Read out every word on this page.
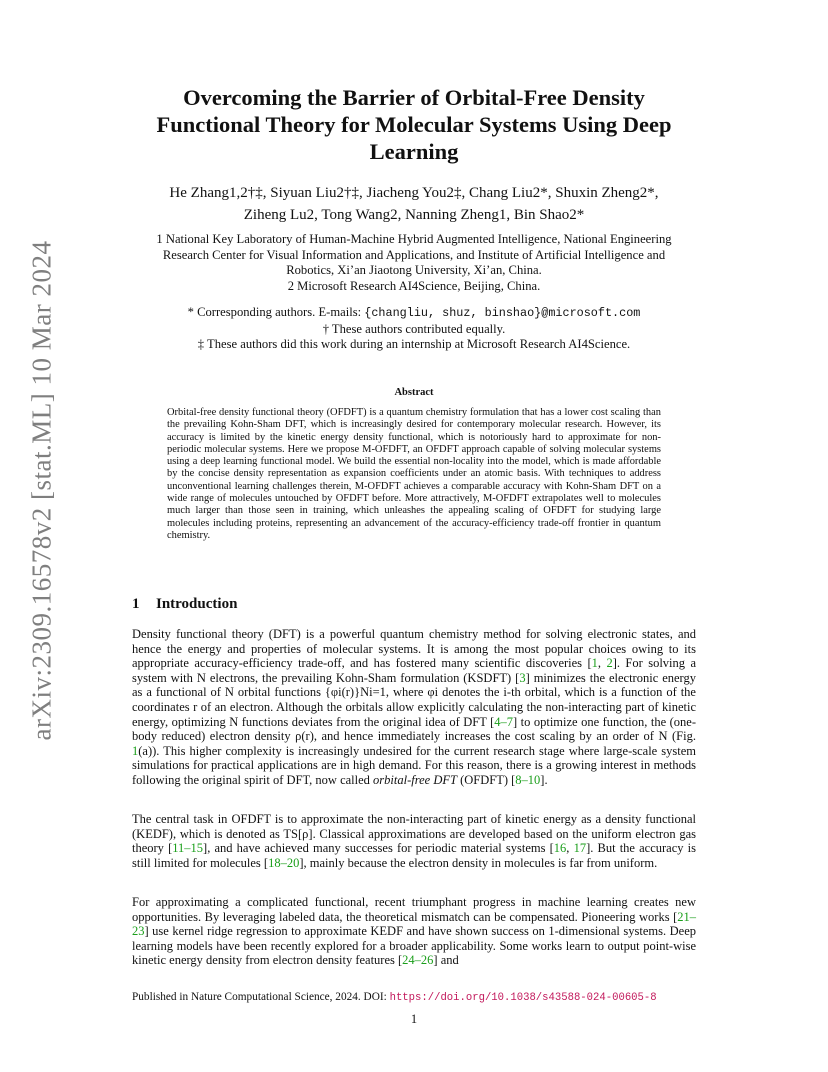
arXiv:2309.16578v2 [stat.ML] 10 Mar 2024
Overcoming the Barrier of Orbital-Free Density Functional Theory for Molecular Systems Using Deep Learning
He Zhang1,2†‡, Siyuan Liu2†‡, Jiacheng You2‡, Chang Liu2*, Shuxin Zheng2*,
Ziheng Lu2, Tong Wang2, Nanning Zheng1, Bin Shao2*
1 National Key Laboratory of Human-Machine Hybrid Augmented Intelligence, National Engineering
Research Center for Visual Information and Applications, and Institute of Artificial Intelligence and
Robotics, Xi’an Jiaotong University, Xi’an, China.
2 Microsoft Research AI4Science, Beijing, China.
* Corresponding authors. E-mails: {changliu, shuz, binshao}@microsoft.com
† These authors contributed equally.
‡ These authors did this work during an internship at Microsoft Research AI4Science.
Abstract
Orbital-free density functional theory (OFDFT) is a quantum chemistry formulation that has a lower cost scaling than the prevailing Kohn-Sham DFT, which is increasingly desired for contemporary molecular research. However, its accuracy is limited by the kinetic energy density functional, which is notoriously hard to approximate for non-periodic molecular systems. Here we propose M-OFDFT, an OFDFT approach capable of solving molecular systems using a deep learning functional model. We build the essential non-locality into the model, which is made affordable by the concise density representation as expansion coefficients under an atomic basis. With techniques to address unconventional learning challenges therein, M-OFDFT achieves a comparable accuracy with Kohn-Sham DFT on a wide range of molecules untouched by OFDFT before. More attractively, M-OFDFT extrapolates well to molecules much larger than those seen in training, which unleashes the appealing scaling of OFDFT for studying large molecules including proteins, representing an advancement of the accuracy-efficiency trade-off frontier in quantum chemistry.
1 Introduction
Density functional theory (DFT) is a powerful quantum chemistry method for solving electronic states, and hence the energy and properties of molecular systems. It is among the most popular choices owing to its appropriate accuracy-efficiency trade-off, and has fostered many scientific discoveries [1, 2]. For solving a system with N electrons, the prevailing Kohn-Sham formulation (KSDFT) [3] minimizes the electronic energy as a functional of N orbital functions {φi(r)}Ni=1, where φi denotes the i-th orbital, which is a function of the coordinates r of an electron. Although the orbitals allow explicitly calculating the non-interacting part of kinetic energy, optimizing N functions deviates from the original idea of DFT [4–7] to optimize one function, the (one-body reduced) electron density ρ(r), and hence immediately increases the cost scaling by an order of N (Fig. 1(a)). This higher complexity is increasingly undesired for the current research stage where large-scale system simulations for practical applications are in high demand. For this reason, there is a growing interest in methods following the original spirit of DFT, now called orbital-free DFT (OFDFT) [8–10].
The central task in OFDFT is to approximate the non-interacting part of kinetic energy as a density functional (KEDF), which is denoted as TS[ρ]. Classical approximations are developed based on the uniform electron gas theory [11–15], and have achieved many successes for periodic material systems [16, 17]. But the accuracy is still limited for molecules [18–20], mainly because the electron density in molecules is far from uniform.
For approximating a complicated functional, recent triumphant progress in machine learning creates new opportunities. By leveraging labeled data, the theoretical mismatch can be compensated. Pioneering works [21–23] use kernel ridge regression to approximate KEDF and have shown success on 1-dimensional systems. Deep learning models have been recently explored for a broader applicability. Some works learn to output point-wise kinetic energy density from electron density features [24–26] and
Published in Nature Computational Science, 2024. DOI: https://doi.org/10.1038/s43588-024-00605-8
1
